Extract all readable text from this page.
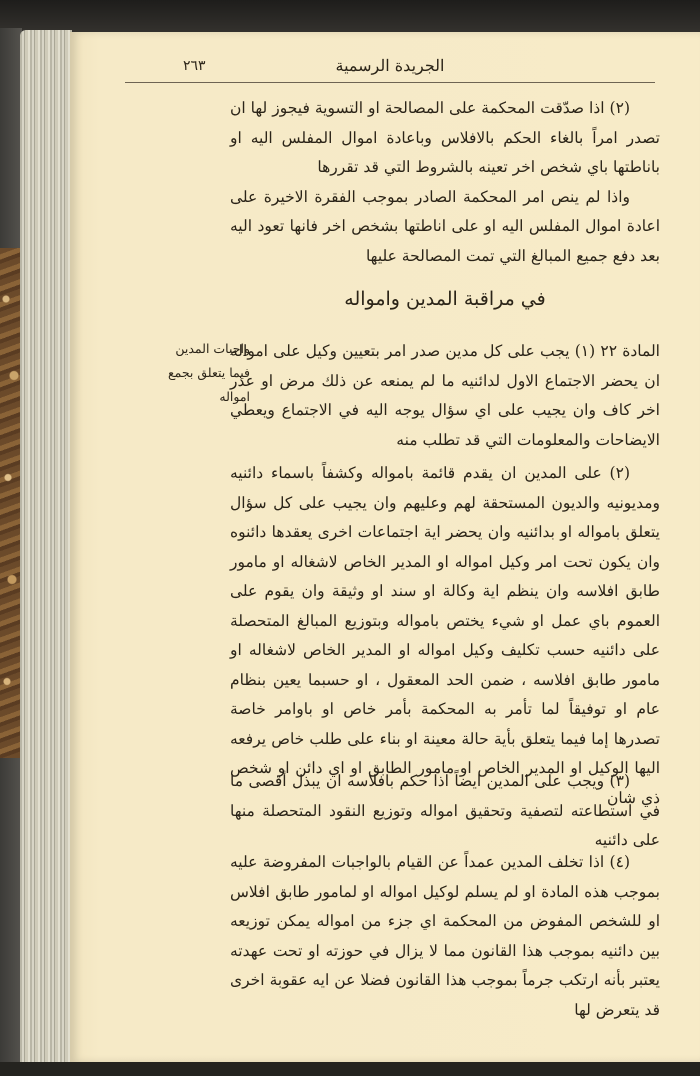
الجريدة الرسمية
٢٦٣

(٢) اذا صدّقت المحكمة على المصالحة او التسوية فيجوز لها ان تصدر امراً بالغاء الحكم بالافلاس وباعادة اموال المفلس اليه او باناطتها باي شخص اخر تعينه بالشروط التي قد تقررها

واذا لم ينص امر المحكمة الصادر بموجب الفقرة الاخيرة على اعادة اموال المفلس اليه او على اناطتها بشخص اخر فانها تعود اليه بعد دفع جميع المبالغ التي تمت المصالحة عليها

في مراقبة المدين وامواله
واجبات المدين فيما يتعلق بجمع امواله

المادة ٢٢ (١) يجب على كل مدين صدر امر بتعيين وكيل على امواله ان يحضر الاجتماع الاول لدائنيه ما لم يمنعه عن ذلك مرض او عذر اخر كاف وان يجيب على اي سؤال يوجه اليه في الاجتماع ويعطي الايضاحات والمعلومات التي قد تطلب منه

(٢) على المدين ان يقدم قائمة بامواله وكشفاً باسماء دائنيه ومديونيه والديون المستحقة لهم وعليهم وان يجيب على كل سؤال يتعلق بامواله او بدائنيه وان يحضر اية اجتماعات اخرى يعقدها دائنوه وان يكون تحت امر وكيل امواله او المدير الخاص لاشغاله او مامور طابق افلاسه وان ينظم اية وكالة او سند او وثيقة وان يقوم على العموم باي عمل او شيء يختص بامواله وبتوزيع المبالغ المتحصلة على دائنيه حسب تكليف وكيل امواله او المدير الخاص لاشغاله او مامور طابق افلاسه ، ضمن الحد المعقول ، او حسبما يعين بنظام عام او توفيقاً لما تأمر به المحكمة بأمر خاص او باوامر خاصة تصدرها إما فيما يتعلق بأية حالة معينة او بناء على طلب خاص يرفعه اليها الوكيل او المدير الخاص او مامور الطابق او اي دائن او شخص ذي شان

(٣) ويجب على المدين ايضاً اذا حكم بافلاسه ان يبذل أقصى ما في استطاعته لتصفية وتحقيق امواله وتوزيع النقود المتحصلة منها على دائنيه

(٤) اذا تخلف المدين عمداً عن القيام بالواجبات المفروضة عليه بموجب هذه المادة او لم يسلم لوكيل امواله او لمامور طابق افلاس او للشخص المفوض من المحكمة اي جزء من امواله يمكن توزيعه بين دائنيه بموجب هذا القانون مما لا يزال في حوزته او تحت عهدته يعتبر بأنه ارتكب جرماً بموجب هذا القانون فضلا عن ايه عقوبة اخرى قد يتعرض لها
